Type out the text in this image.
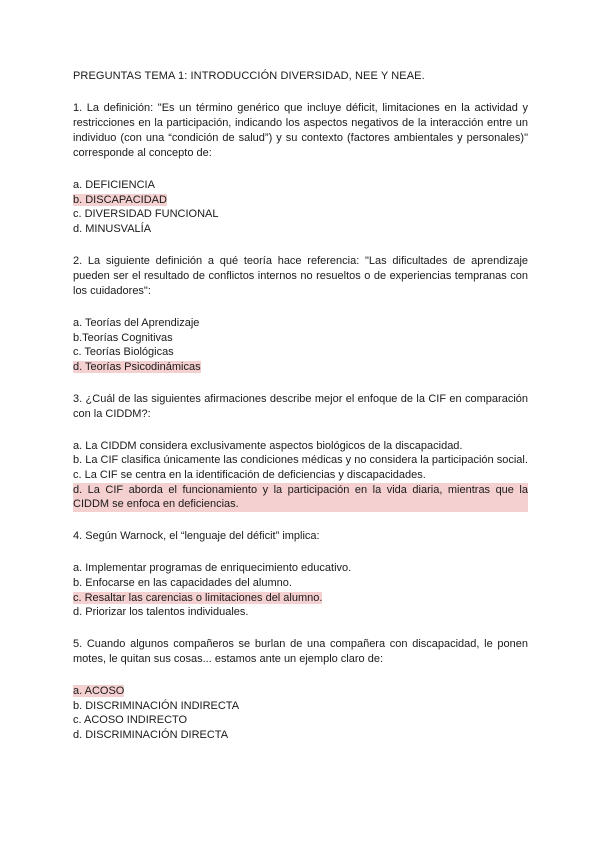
PREGUNTAS TEMA 1: INTRODUCCIÓN DIVERSIDAD, NEE Y NEAE.
1. La definición: "Es un término genérico que incluye déficit, limitaciones en la actividad y restricciones en la participación, indicando los aspectos negativos de la interacción entre un individuo (con una “condición de salud”) y su contexto (factores ambientales y personales)" corresponde al concepto de:
a. DEFICIENCIA
b. DISCAPACIDAD
c. DIVERSIDAD FUNCIONAL
d. MINUSVALÍA
2. La siguiente definición a qué teoría hace referencia: "Las dificultades de aprendizaje pueden ser el resultado de conflictos internos no resueltos o de experiencias tempranas con los cuidadores":
a. Teorías del Aprendizaje
b.Teorías Cognitivas
c. Teorías Biológicas
d. Teorías Psicodinámicas
3. ¿Cuál de las siguientes afirmaciones describe mejor el enfoque de la CIF en comparación con la CIDDM?:
a. La CIDDM considera exclusivamente aspectos biológicos de la discapacidad.
b. La CIF clasifica únicamente las condiciones médicas y no considera la participación social.
c. La CIF se centra en la identificación de deficiencias y discapacidades.
d. La CIF aborda el funcionamiento y la participación en la vida diaria, mientras que la CIDDM se enfoca en deficiencias.
4. Según Warnock, el “lenguaje del déficit” implica:
a. Implementar programas de enriquecimiento educativo.
b. Enfocarse en las capacidades del alumno.
c. Resaltar las carencias o limitaciones del alumno.
d. Priorizar los talentos individuales.
5. Cuando algunos compañeros se burlan de una compañera con discapacidad, le ponen motes, le quitan sus cosas... estamos ante un ejemplo claro de:
a. ACOSO
b. DISCRIMINACIÓN INDIRECTA
c. ACOSO INDIRECTO
d. DISCRIMINACIÓN DIRECTA
